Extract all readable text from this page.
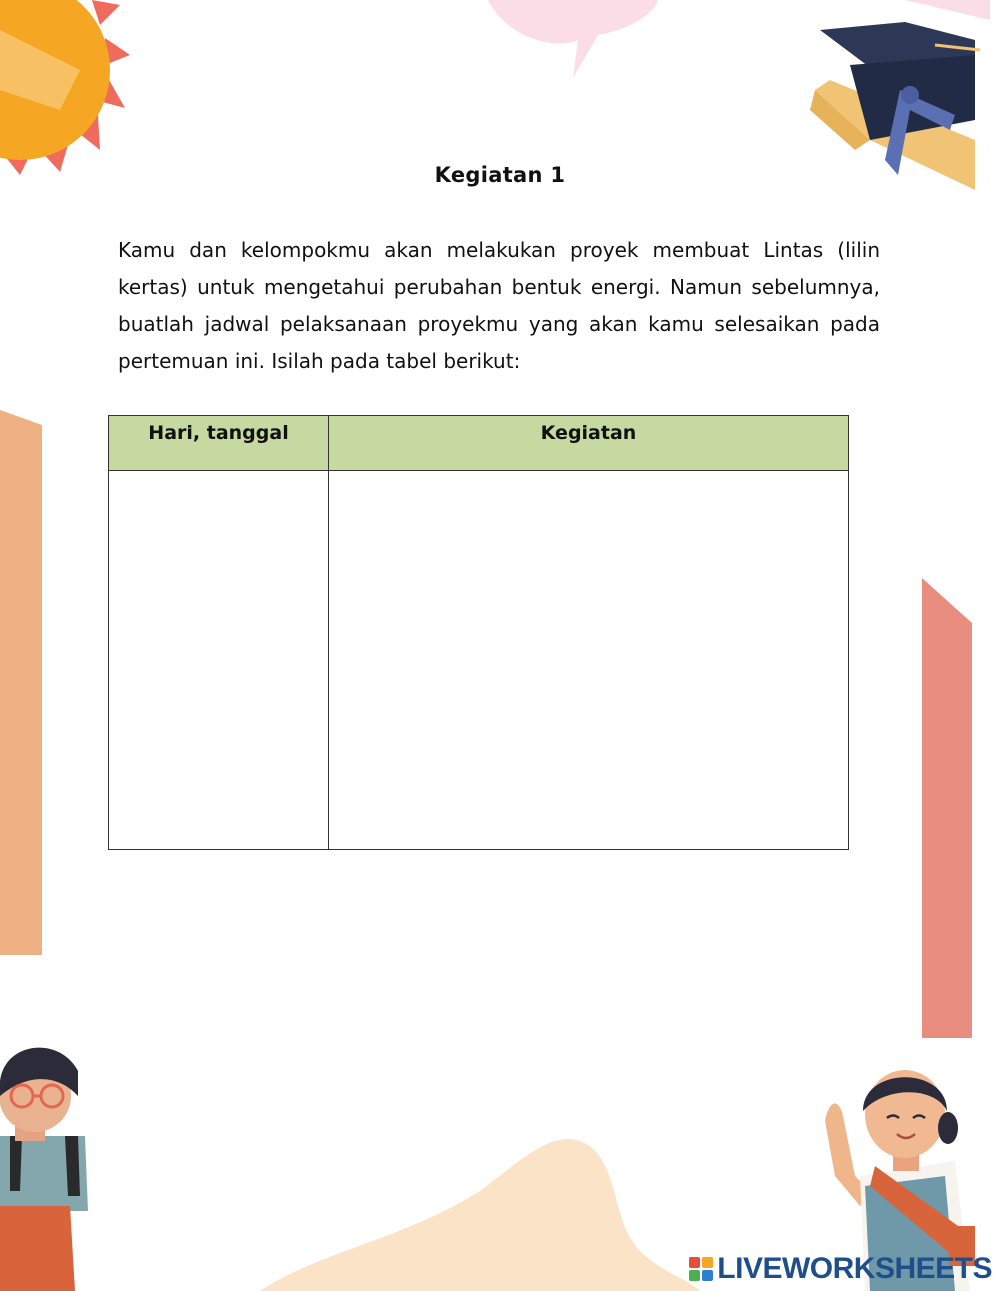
Kegiatan 1

Kamu dan kelompokmu akan melakukan proyek membuat Lintas (lilin kertas) untuk mengetahui perubahan bentuk energi. Namun sebelumnya, buatlah jadwal pelaksanaan proyekmu yang akan kamu selesaikan pada pertemuan ini. Isilah pada tabel berikut:

Hari, tanggal	Kegiatan

LIVEWORKSHEETS
